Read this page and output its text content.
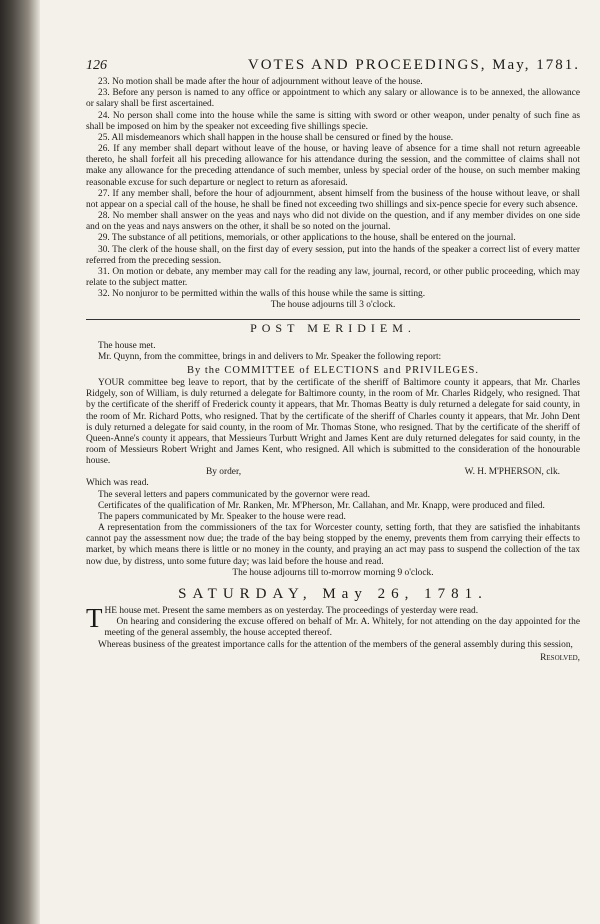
126	VOTES AND PROCEEDINGS, May, 1781.

23. No motion shall be made after the hour of adjournment without leave of the house.

23. Before any person is named to any office or appointment to which any salary or allowance is to be annexed, the allowance or salary shall be first ascertained.

24. No person shall come into the house while the same is sitting with sword or other weapon, under penalty of such fine as shall be imposed on him by the speaker not exceeding five shillings specie.

25. All misdemeanors which shall happen in the house shall be censured or fined by the house.

26. If any member shall depart without leave of the house, or having leave of absence for a time shall not return agreeable thereto, he shall forfeit all his preceding allowance for his attendance during the session, and the committee of claims shall not make any allowance for the preceding attendance of such member, unless by special order of the house, on such member making reasonable excuse for such departure or neglect to return as aforesaid.

27. If any member shall, before the hour of adjournment, absent himself from the business of the house without leave, or shall not appear on a special call of the house, he shall be fined not exceeding two shillings and six-pence specie for every such absence.

28. No member shall answer on the yeas and nays who did not divide on the question, and if any member divides on one side and on the yeas and nays answers on the other, it shall be so noted on the journal.

29. The substance of all petitions, memorials, or other applications to the house, shall be entered on the journal.

30. The clerk of the house shall, on the first day of every session, put into the hands of the speaker a correct list of every matter referred from the preceding session.

31. On motion or debate, any member may call for the reading any law, journal, record, or other public proceeding, which may relate to the subject matter.

32. No nonjuror to be permitted within the walls of this house while the same is sitting.

The house adjourns till 3 o'clock.

POST MERIDIEM.

The house met.

Mr. Quynn, from the committee, brings in and delivers to Mr. Speaker the following report:

By the COMMITTEE of ELECTIONS and PRIVILEGES.

YOUR committee beg leave to report, that by the certificate of the sheriff of Baltimore county it appears, that Mr. Charles Ridgely, son of William, is duly returned a delegate for Baltimore county, in the room of Mr. Charles Ridgely, who resigned. That by the certificate of the sheriff of Frederick county it appears, that Mr. Thomas Beatty is duly returned a delegate for said county, in the room of Mr. Richard Potts, who resigned. That by the certificate of the sheriff of Charles county it appears, that Mr. John Dent is duly returned a delegate for said county, in the room of Mr. Thomas Stone, who resigned. That by the certificate of the sheriff of Queen-Anne's county it appears, that Messieurs Turbutt Wright and James Kent are duly returned delegates for said county, in the room of Messieurs Robert Wright and James Kent, who resigned. All which is submitted to the consideration of the honourable house.

By order,	W. H. M'PHERSON, clk.

Which was read.

The several letters and papers communicated by the governor were read.

Certificates of the qualification of Mr. Ranken, Mr. M'Pherson, Mr. Callahan, and Mr. Knapp, were produced and filed.

The papers communicated by Mr. Speaker to the house were read.

A representation from the commissioners of the tax for Worcester county, setting forth, that they are satisfied the inhabitants cannot pay the assessment now due; the trade of the bay being stopped by the enemy, prevents them from carrying their effects to market, by which means there is little or no money in the county, and praying an act may pass to suspend the collection of the tax now due, by distress, unto some future day; was laid before the house and read.

The house adjourns till to-morrow morning 9 o'clock.

SATURDAY, May 26, 1781.

THE house met. Present the same members as on yesterday. The proceedings of yesterday were read.

On hearing and considering the excuse offered on behalf of Mr. A. Whitely, for not attending on the day appointed for the meeting of the general assembly, the house accepted thereof.

Whereas business of the greatest importance calls for the attention of the members of the general assembly during this session,

Resolved,
